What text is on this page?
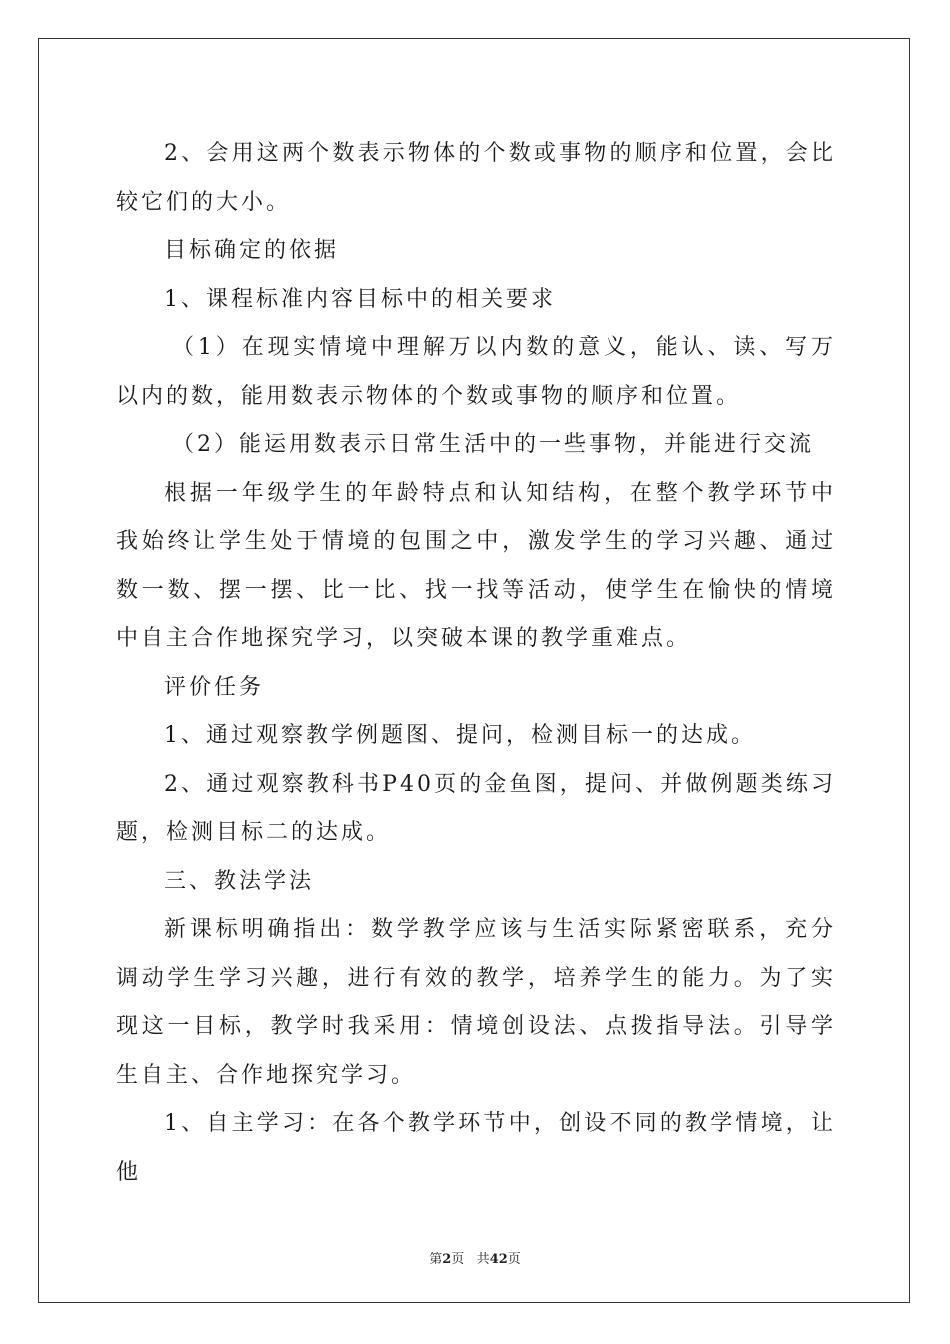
2、会用这两个数表示物体的个数或事物的顺序和位置，会比较它们的大小。

目标确定的依据

1、课程标准内容目标中的相关要求

（1）在现实情境中理解万以内数的意义，能认、读、写万以内的数，能用数表示物体的个数或事物的顺序和位置。

（2）能运用数表示日常生活中的一些事物，并能进行交流

根据一年级学生的年龄特点和认知结构，在整个教学环节中我始终让学生处于情境的包围之中，激发学生的学习兴趣、通过数一数、摆一摆、比一比、找一找等活动，使学生在愉快的情境中自主合作地探究学习，以突破本课的教学重难点。

评价任务

1、通过观察教学例题图、提问，检测目标一的达成。

2、通过观察教科书P40页的金鱼图，提问、并做例题类练习题，检测目标二的达成。

三、教法学法

新课标明确指出：数学教学应该与生活实际紧密联系，充分调动学生学习兴趣，进行有效的教学，培养学生的能力。为了实现这一目标，教学时我采用：情境创设法、点拨指导法。引导学生自主、合作地探究学习。

1、自主学习：在各个教学环节中，创设不同的教学情境，让他

第2页 共42页
